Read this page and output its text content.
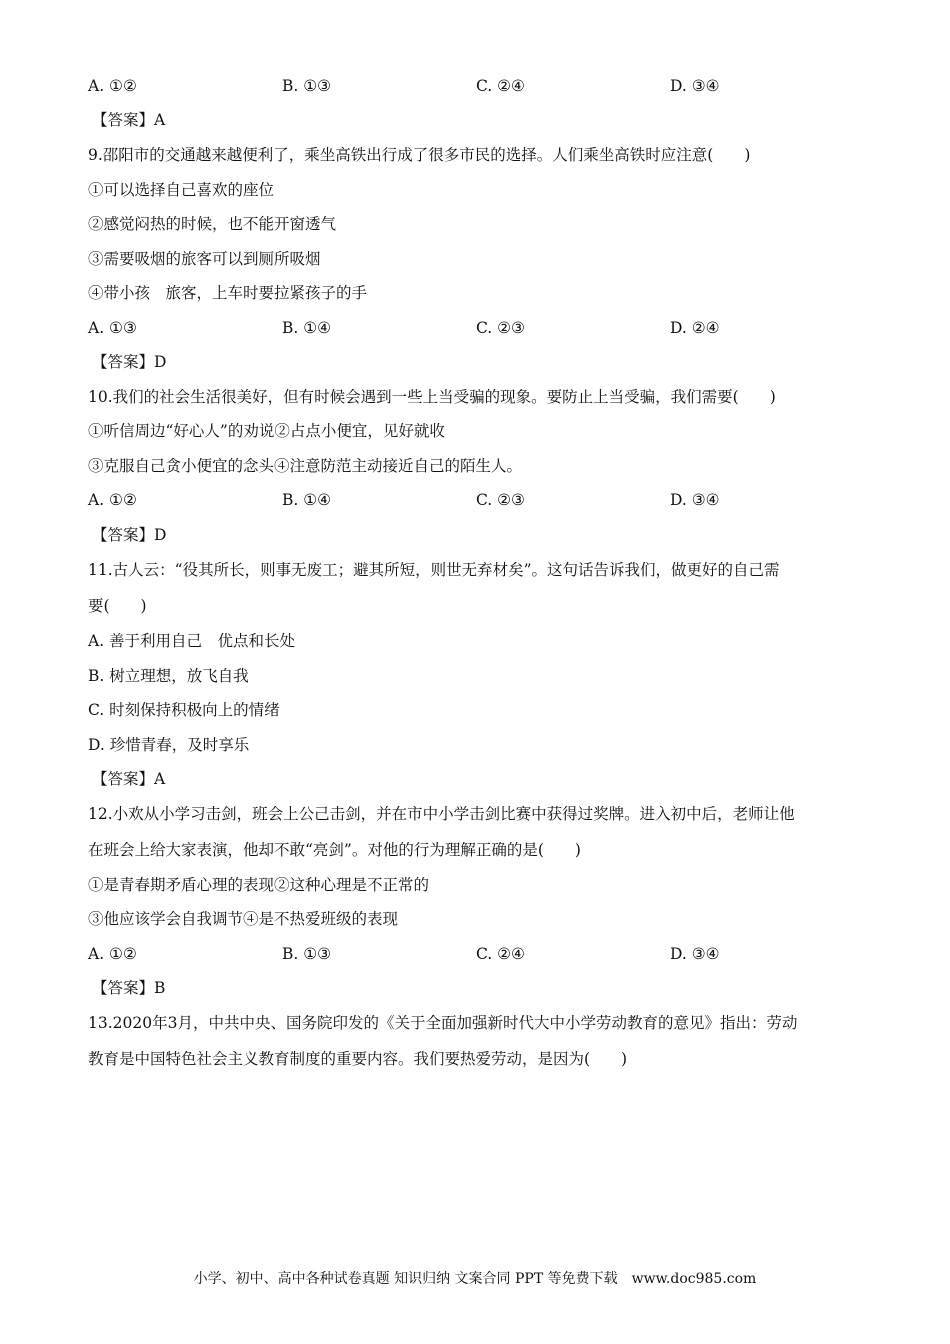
A. ①②	B. ①③	C. ②④	D. ③④
【答案】A
9.邵阳市的交通越来越便利了，乘坐高铁出行成了很多市民的选择。人们乘坐高铁时应注意(　　)
①可以选择自己喜欢的座位
②感觉闷热的时候，也不能开窗透气
③需要吸烟的旅客可以到厕所吸烟
④带小孩　旅客，上车时要拉紧孩子的手
A. ①③	B. ①④	C. ②③	D. ②④
【答案】D
10.我们的社会生活很美好，但有时候会遇到一些上当受骗的现象。要防止上当受骗，我们需要(　　)
①听信周边“好心人”的劝说②占点小便宜，见好就收
③克服自己贪小便宜的念头④注意防范主动接近自己的陌生人。
A. ①②	B. ①④	C. ②③	D. ③④
【答案】D
11.古人云：“役其所长，则事无废工；避其所短，则世无弃材矣”。这句话告诉我们，做更好的自己需
要(　　)
A. 善于利用自己　优点和长处
B. 树立理想，放飞自我
C. 时刻保持积极向上的情绪
D. 珍惜青春，及时享乐
【答案】A
12.小欢从小学习击剑，班会上公己击剑，并在市中小学击剑比赛中获得过奖牌。进入初中后，老师让他
在班会上给大家表演，他却不敢“亮剑”。对他的行为理解正确的是(　　)
①是青春期矛盾心理的表现②这种心理是不正常的
③他应该学会自我调节④是不热爱班级的表现
A. ①②	B. ①③	C. ②④	D. ③④
【答案】B
13.2020年3月，中共中央、国务院印发的《关于全面加强新时代大中小学劳动教育的意见》指出：劳动
教育是中国特色社会主义教育制度的重要内容。我们要热爱劳动，是因为(　　)
小学、初中、高中各种试卷真题 知识归纳 文案合同 PPT 等免费下载　www.doc985.com
